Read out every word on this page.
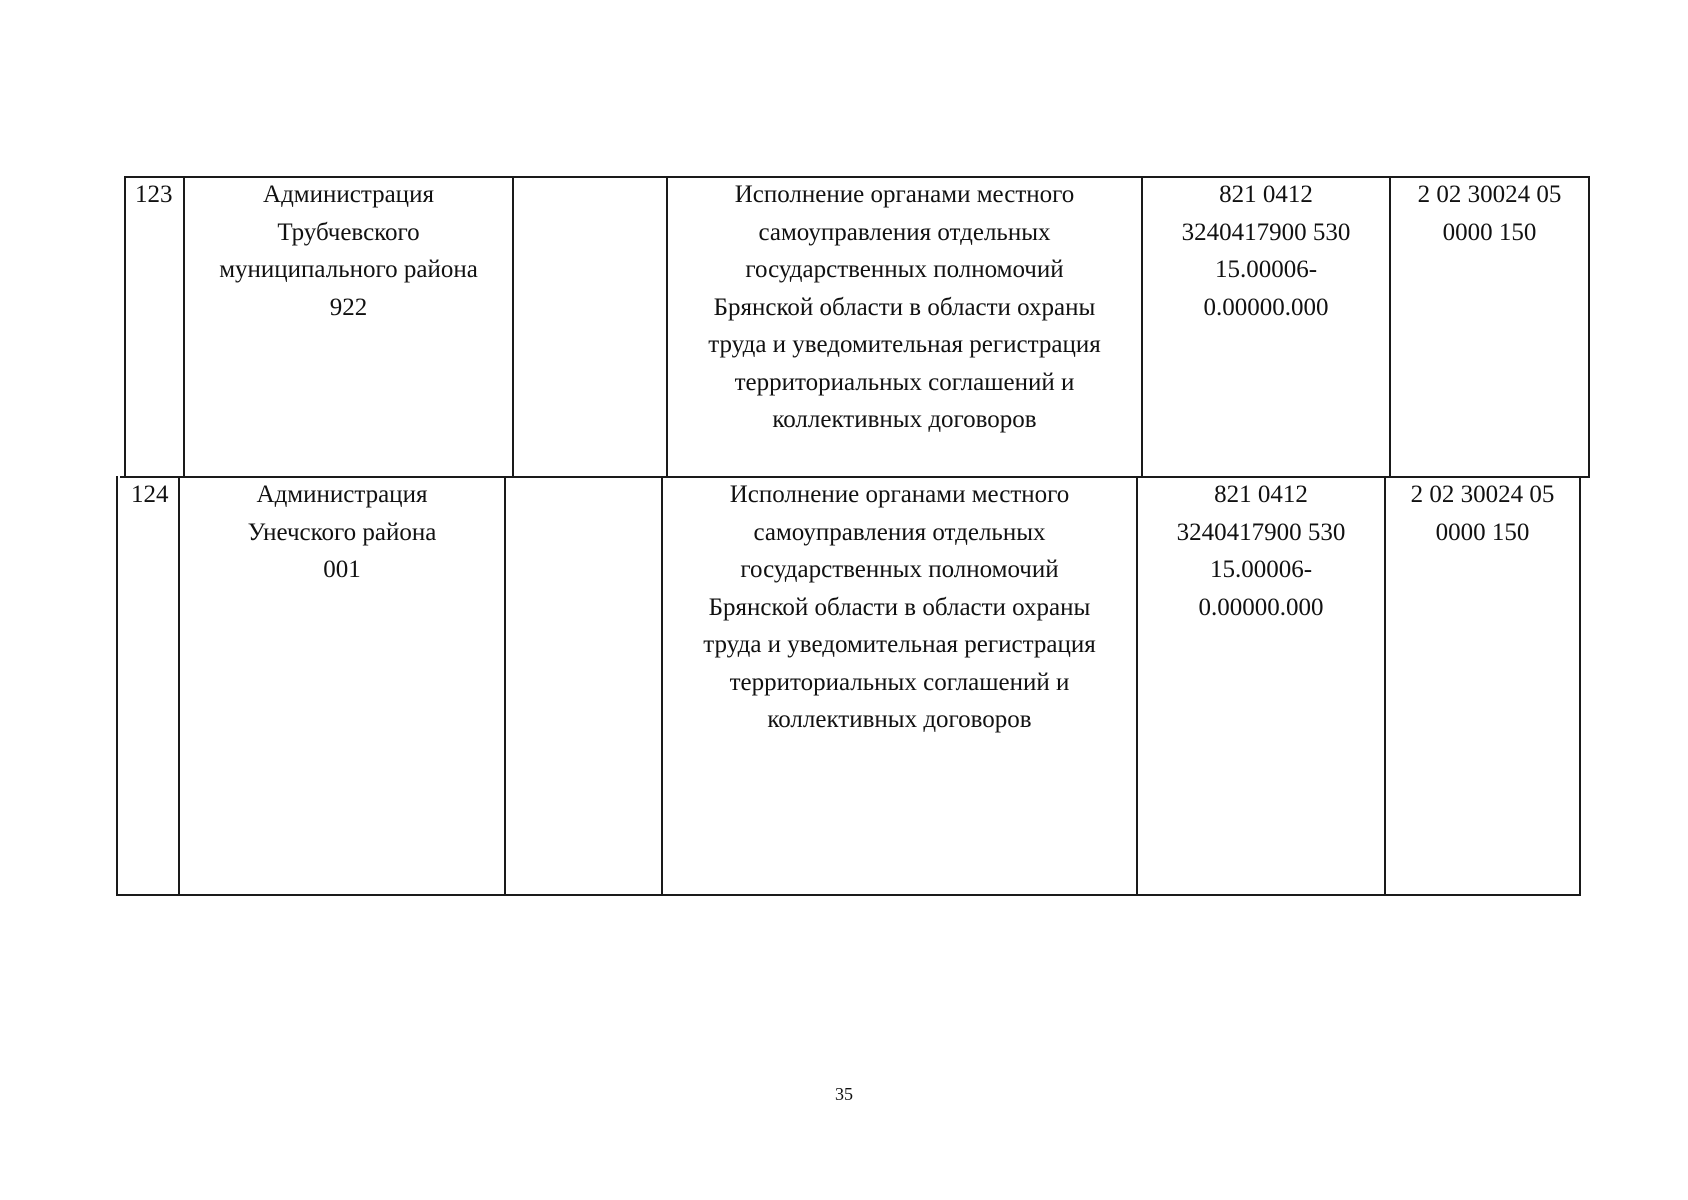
123	Администрация
Трубчевского
муниципального района
922
Исполнение органами местного
самоуправления отдельных
государственных полномочий
Брянской области в области охраны
труда и уведомительная регистрация
территориальных соглашений и
коллективных договоров
821 0412
3240417900 530
15.00006-
0.00000.000
2 02 30024 05
0000 150
124	Администрация
Унечского района
001
Исполнение органами местного
самоуправления отдельных
государственных полномочий
Брянской области в области охраны
труда и уведомительная регистрация
территориальных соглашений и
коллективных договоров
821 0412
3240417900 530
15.00006-
0.00000.000
2 02 30024 05
0000 150
35
